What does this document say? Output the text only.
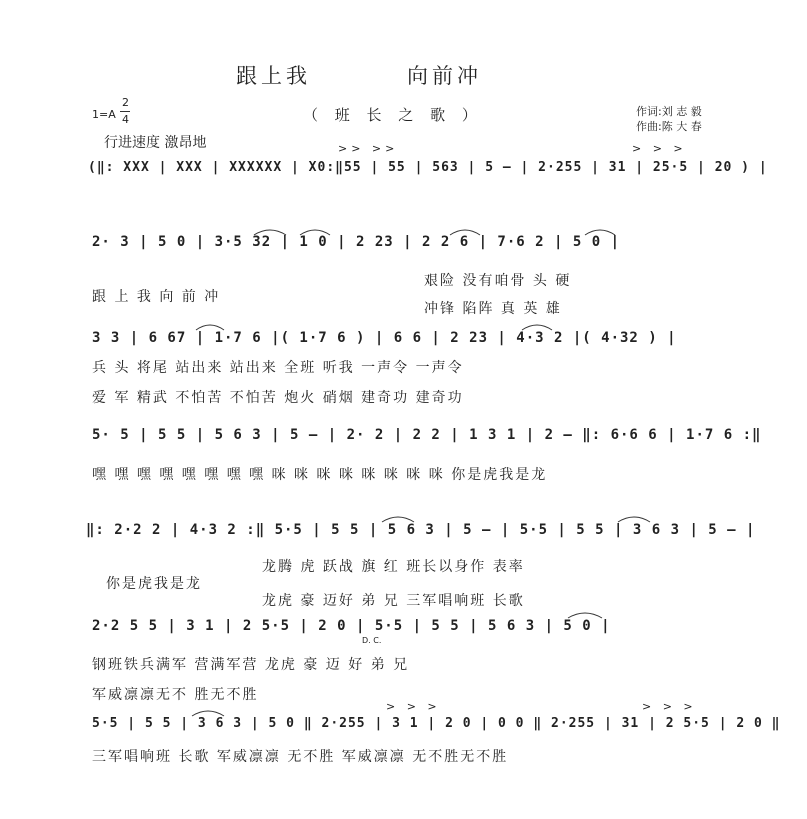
跟上我	向前冲
1=A
2
4	（ 班 长 之 歌 ）	作词:刘 志 毅
作曲:陈 大 春
行进速度 激昂地	>> >>	> > >
(‖: XXX | XXX | XXXXXX | X0:‖55 | 55 | 563 | 5 – | 2·255 | 31 | 25·5 | 20 ) |
2· 3 | 5 0 | 3·5 32 | 1 0 | 2 23 | 2 2 6 | 7·6 2 | 5 0 |
跟 上 我 向 前 冲
艰险 没有咱骨 头 硬
冲锋 陷阵 真 英 雄
3 3 | 6 67 | 1·7 6 |( 1·7 6 ) | 6 6 | 2 23 | 4·3 2 |( 4·32 ) |
兵 头 将尾 站出来 站出来 全班 听我 一声令 一声令
爱 军 精武 不怕苦 不怕苦 炮火 硝烟 建奇功 建奇功
5· 5 | 5 5 | 5 6 3 | 5 – | 2· 2 | 2 2 | 1 3 1 | 2 – ‖: 6·6 6 | 1·7 6 :‖
嘿 嘿 嘿 嘿 嘿 嘿 嘿 嘿 咪 咪 咪 咪 咪 咪 咪 咪 你是虎我是龙
‖: 2·2 2 | 4·3 2 :‖ 5·5 | 5 5 | 5 6 3 | 5 – | 5·5 | 5 5 | 3 6 3 | 5 – |
龙腾 虎 跃战 旗 红 班长以身作 表率
你是虎我是龙
龙虎 豪 迈好 弟 兄 三军唱响班 长歌
2·2 5 5 | 3 1 | 2 5·5 | 2 0 | 5·5 | 5 5 | 5 6 3 | 5 0 |
D. C.
钢班铁兵满军 营满军营 龙虎 豪 迈 好 弟 兄
军威凛凛无不 胜无不胜
> > >	> > >
5·5 | 5 5 | 3 6 3 | 5 0 ‖ 2·255 | 3 1 | 2 0 | 0 0 ‖ 2·255 | 31 | 2 5·5 | 2 0 ‖
三军唱响班 长歌 军威凛凛 无不胜 军威凛凛 无不胜无不胜
